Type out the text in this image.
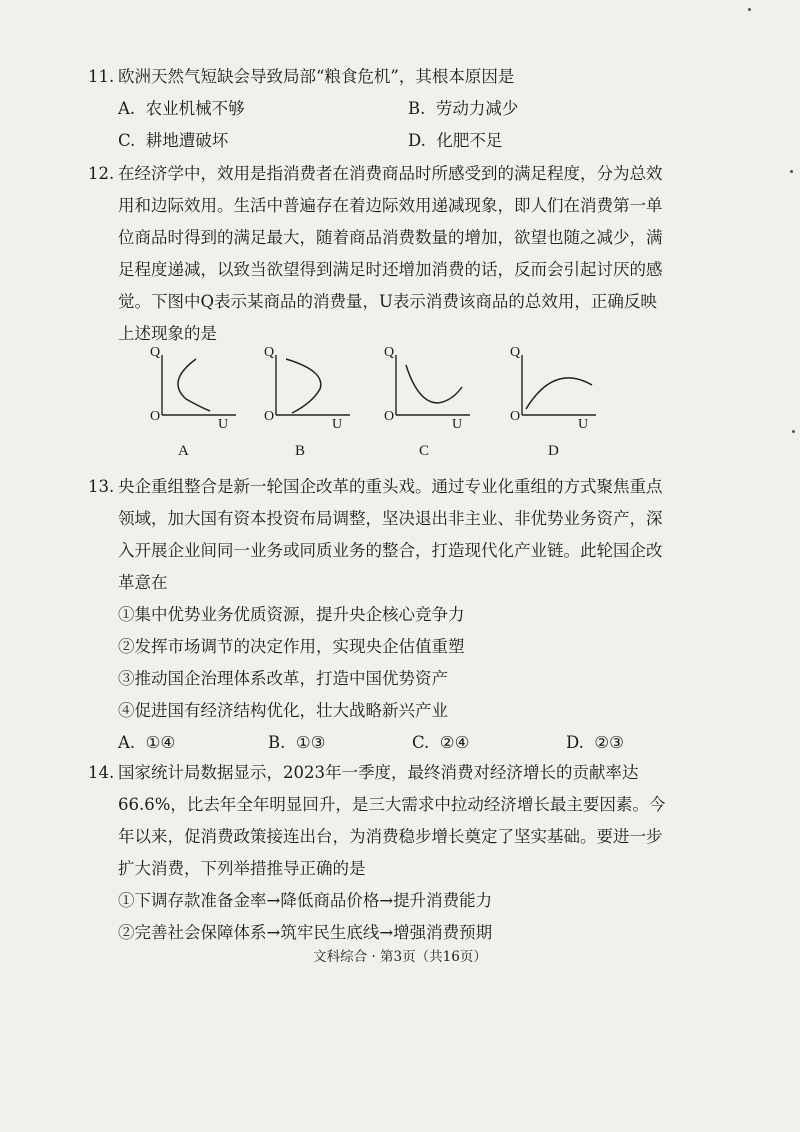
11. 欧洲天然气短缺会导致局部“粮食危机”，其根本原因是
A. 农业机械不够	B. 劳动力减少
C. 耕地遭破坏	D. 化肥不足
12. 在经济学中，效用是指消费者在消费商品时所感受到的满足程度，分为总效
用和边际效用。生活中普遍存在着边际效用递减现象，即人们在消费第一单
位商品时得到的满足最大，随着商品消费数量的增加，欲望也随之减少，满
足程度递减，以致当欲望得到满足时还增加消费的话，反而会引起讨厌的感
觉。下图中Q表示某商品的消费量，U表示消费该商品的总效用，正确反映
上述现象的是
Q
O
U
A
Q
O
U
B
Q
O
U
C
Q
O
U
D
13. 央企重组整合是新一轮国企改革的重头戏。通过专业化重组的方式聚焦重点
领域，加大国有资本投资布局调整，坚决退出非主业、非优势业务资产，深
入开展企业间同一业务或同质业务的整合，打造现代化产业链。此轮国企改
革意在
①集中优势业务优质资源，提升央企核心竞争力
②发挥市场调节的决定作用，实现央企估值重塑
③推动国企治理体系改革，打造中国优势资产
④促进国有经济结构优化，壮大战略新兴产业
A. ①④	B. ①③	C. ②④	D. ②③
14. 国家统计局数据显示，2023年一季度，最终消费对经济增长的贡献率达
66.6%，比去年全年明显回升，是三大需求中拉动经济增长最主要因素。今
年以来，促消费政策接连出台，为消费稳步增长奠定了坚实基础。要进一步
扩大消费，下列举措推导正确的是
①下调存款准备金率→降低商品价格→提升消费能力
②完善社会保障体系→筑牢民生底线→增强消费预期
文科综合 · 第3页（共16页）
